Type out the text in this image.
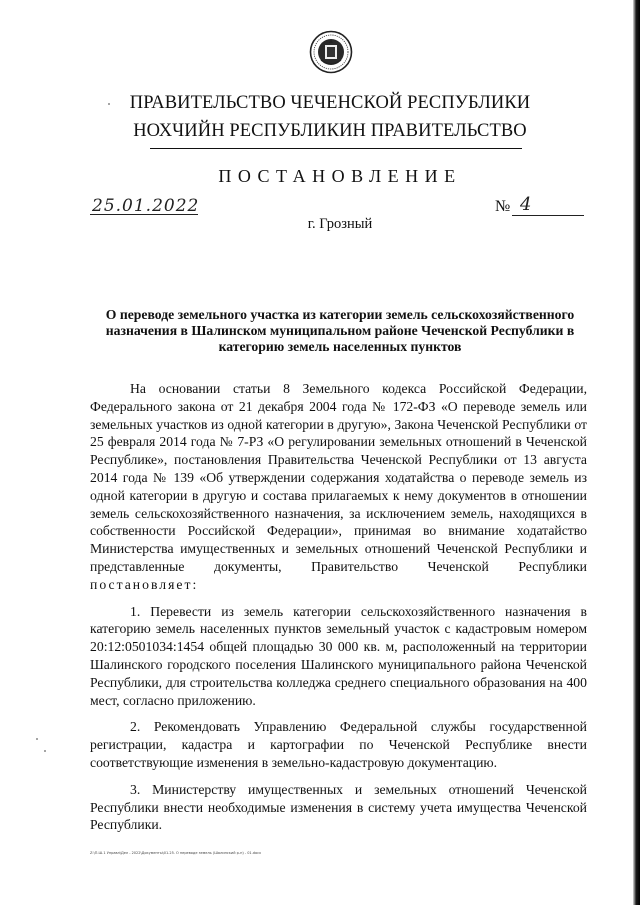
ПРАВИТЕЛЬСТВО ЧЕЧЕНСКОЙ РЕСПУБЛИКИ
НОХЧИЙН РЕСПУБЛИКИН ПРАВИТЕЛЬСТВО
ПОСТАНОВЛЕНИЕ
25.01.2022	№ 4
г. Грозный
О переводе земельного участка из категории земель сельскохозяйственного назначения в Шалинском муниципальном районе Чеченской Республики в категорию земель населенных пунктов

На основании статьи 8 Земельного кодекса Российской Федерации, Федерального закона от 21 декабря 2004 года № 172-ФЗ «О переводе земель или земельных участков из одной категории в другую», Закона Чеченской Республики от 25 февраля 2014 года № 7-РЗ «О регулировании земельных отношений в Чеченской Республике», постановления Правительства Чеченской Республики от 13 августа 2014 года № 139 «Об утверждении содержания ходатайства о переводе земель из одной категории в другую и состава прилагаемых к нему документов в отношении земель сельскохозяйственного назначения, за исключением земель, находящихся в собственности Российской Федерации», принимая во внимание ходатайство Министерства имущественных и земельных отношений Чеченской Республики и представленные документы, Правительство Чеченской Республики постановляет:

1. Перевести из земель категории сельскохозяйственного назначения в категорию земель населенных пунктов земельный участок с кадастровым номером 20:12:0501034:1454 общей площадью 30 000 кв. м, расположенный на территории Шалинского городского поселения Шалинского муниципального района Чеченской Республики, для строительства колледжа среднего специального образования на 400 мест, согласно приложению.

2. Рекомендовать Управлению Федеральной службы государственной регистрации, кадастра и картографии по Чеченской Республике внести соответствующие изменения в земельно-кадастровую документацию.

3. Министерству имущественных и земельных отношений Чеченской Республики внести необходимые изменения в систему учета имущества Чеченской Республики.

Z:\П.Ш.1 Управл\Дел - 2022\Документы\01.25. О переводе земель (Шалинский р-н) - 01.docx
